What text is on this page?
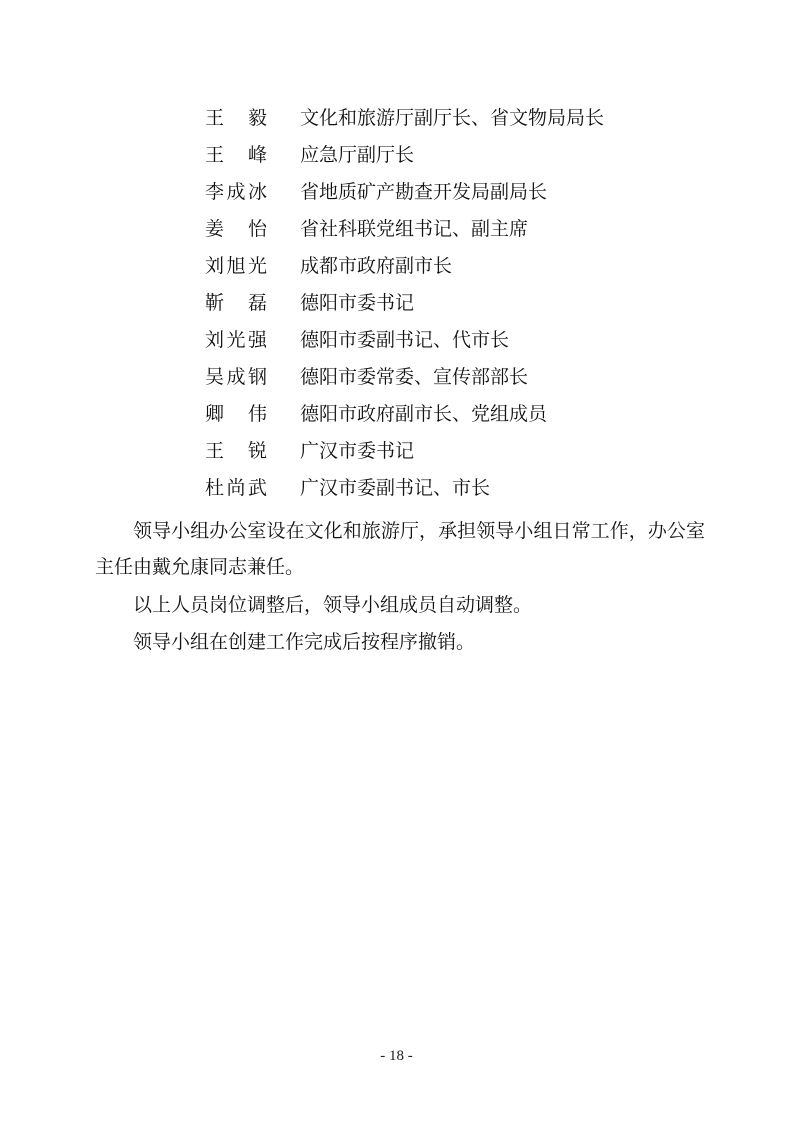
王 毅 文化和旅游厅副厅长、省文物局局长
王 峰 应急厅副厅长
李成冰 省地质矿产勘查开发局副局长
姜 怡 省社科联党组书记、副主席
刘旭光 成都市政府副市长
靳 磊 德阳市委书记
刘光强 德阳市委副书记、代市长
吴成钢 德阳市委常委、宣传部部长
卿 伟 德阳市政府副市长、党组成员
王 锐 广汉市委书记
杜尚武 广汉市委副书记、市长

领导小组办公室设在文化和旅游厅，承担领导小组日常工作，办公室主任由戴允康同志兼任。

以上人员岗位调整后，领导小组成员自动调整。

领导小组在创建工作完成后按程序撤销。

- 18 -
